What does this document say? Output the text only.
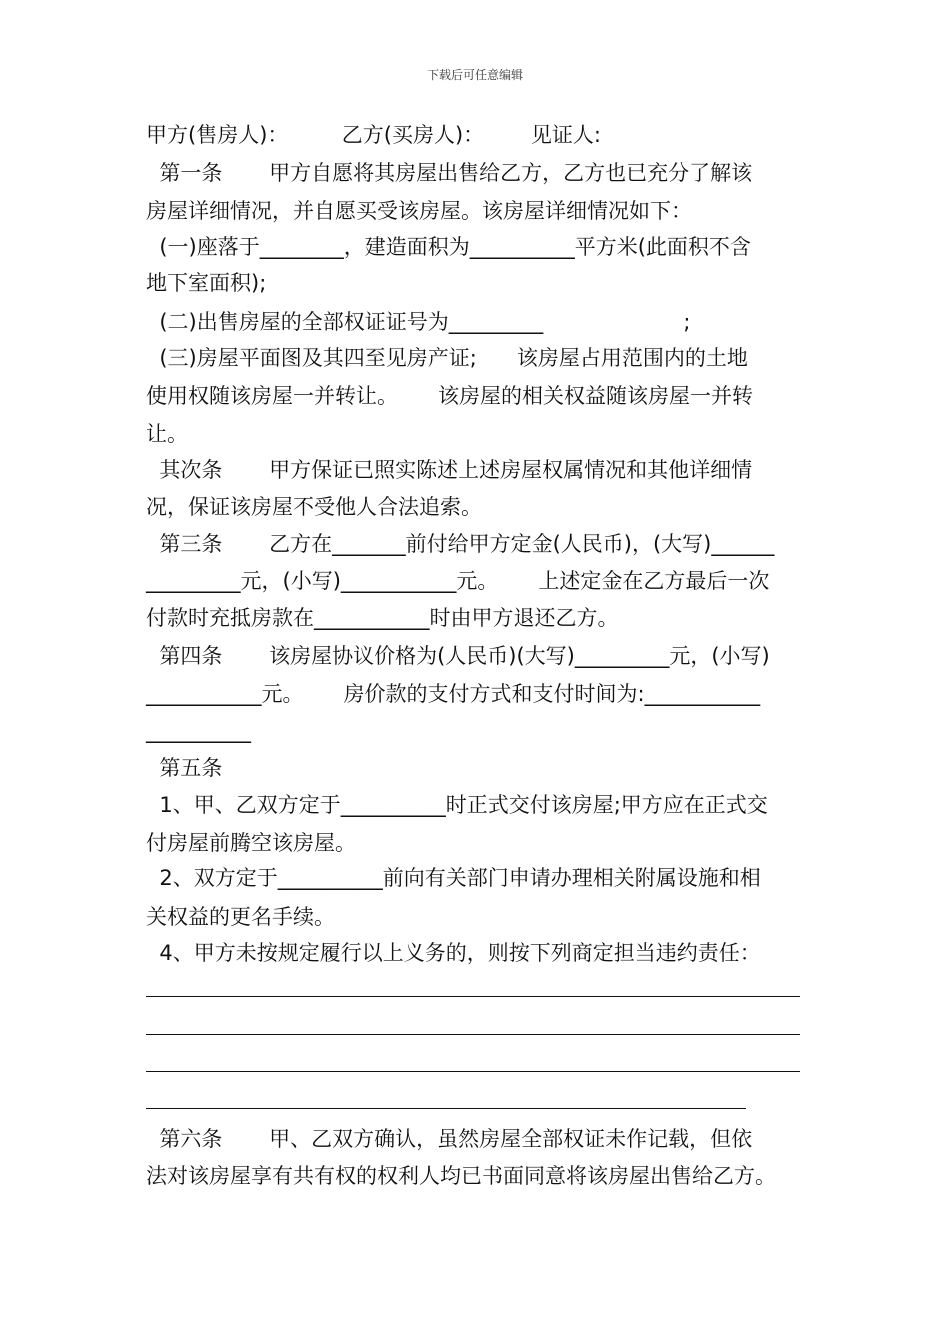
下载后可任意编辑
甲方(售房人)：        乙方(买房人)：       见证人:
第一条       甲方自愿将其房屋出售给乙方，乙方也已充分了解该
房屋详细情况，并自愿买受该房屋。该房屋详细情况如下：
(一)座落于________，建造面积为__________平方米(此面积不含
地下室面积);
(二)出售房屋的全部权证证号为_________                     ;
(三)房屋平面图及其四至见房产证;      该房屋占用范围内的土地
使用权随该房屋一并转让。      该房屋的相关权益随该房屋一并转
让。
其次条       甲方保证已照实陈述上述房屋权属情况和其他详细情
况，保证该房屋不受他人合法追索。
第三条       乙方在_______前付给甲方定金(人民币)，(大写)______
_________元，(小写)___________元。      上述定金在乙方最后一次
付款时充抵房款在___________时由甲方退还乙方。
第四条       该房屋协议价格为(人民币)(大写)_________元，(小写)
___________元。      房价款的支付方式和支付时间为:___________
__________
第五条
1、甲、乙双方定于__________时正式交付该房屋;甲方应在正式交
付房屋前腾空该房屋。
2、双方定于__________前向有关部门申请办理相关附属设施和相
关权益的更名手续。
4、甲方未按规定履行以上义务的，则按下列商定担当违约责任：
第六条       甲、乙双方确认，虽然房屋全部权证未作记载，但依
法对该房屋享有共有权的权利人均已书面同意将该房屋出售给乙方。
